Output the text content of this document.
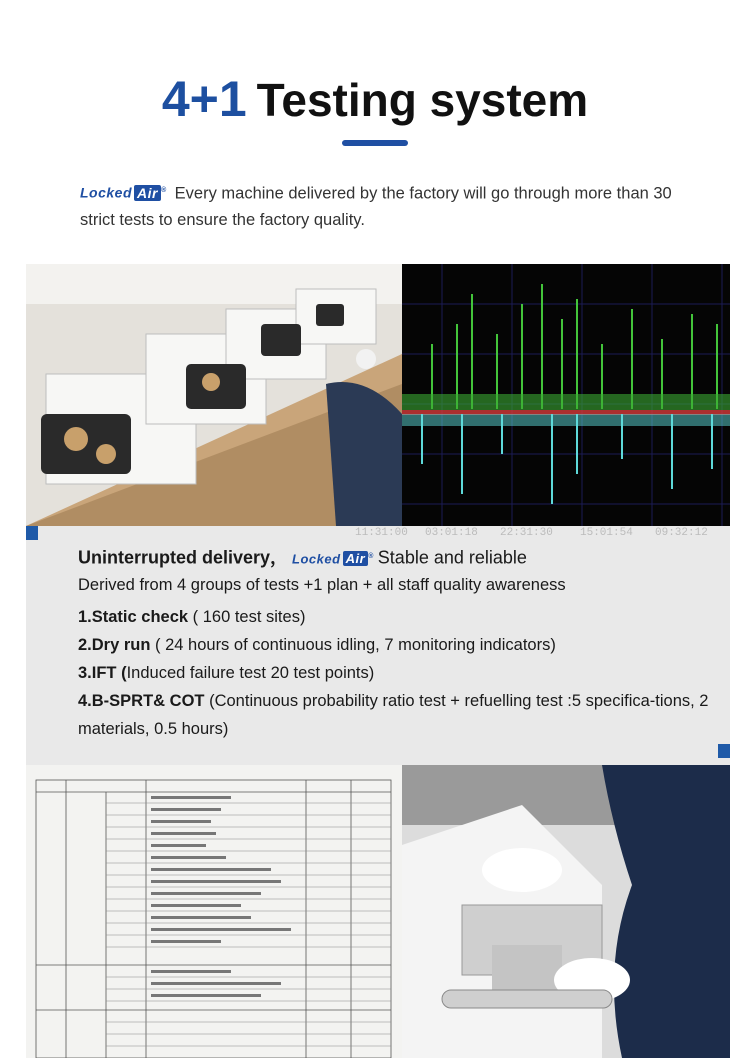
4+1 Testing system
Locked Air ® Every machine delivered by the factory will go through more than 30 strict tests to ensure the factory quality.
11:31:00 03:01:18 22:31:30 15:01:54 09:32:12
Uninterrupted delivery， Locked Air ® Stable and reliable
Derived from 4 groups of tests +1 plan + all staff quality awareness
1.Static check ( 160 test sites)
2.Dry run ( 24 hours of continuous idling, 7 monitoring indicators)
3.IFT (Induced failure test 20 test points)
4.B-SPRT& COT (Continuous probability ratio test + refuelling test :5 specifica-tions, 2 materials, 0.5 hours)
